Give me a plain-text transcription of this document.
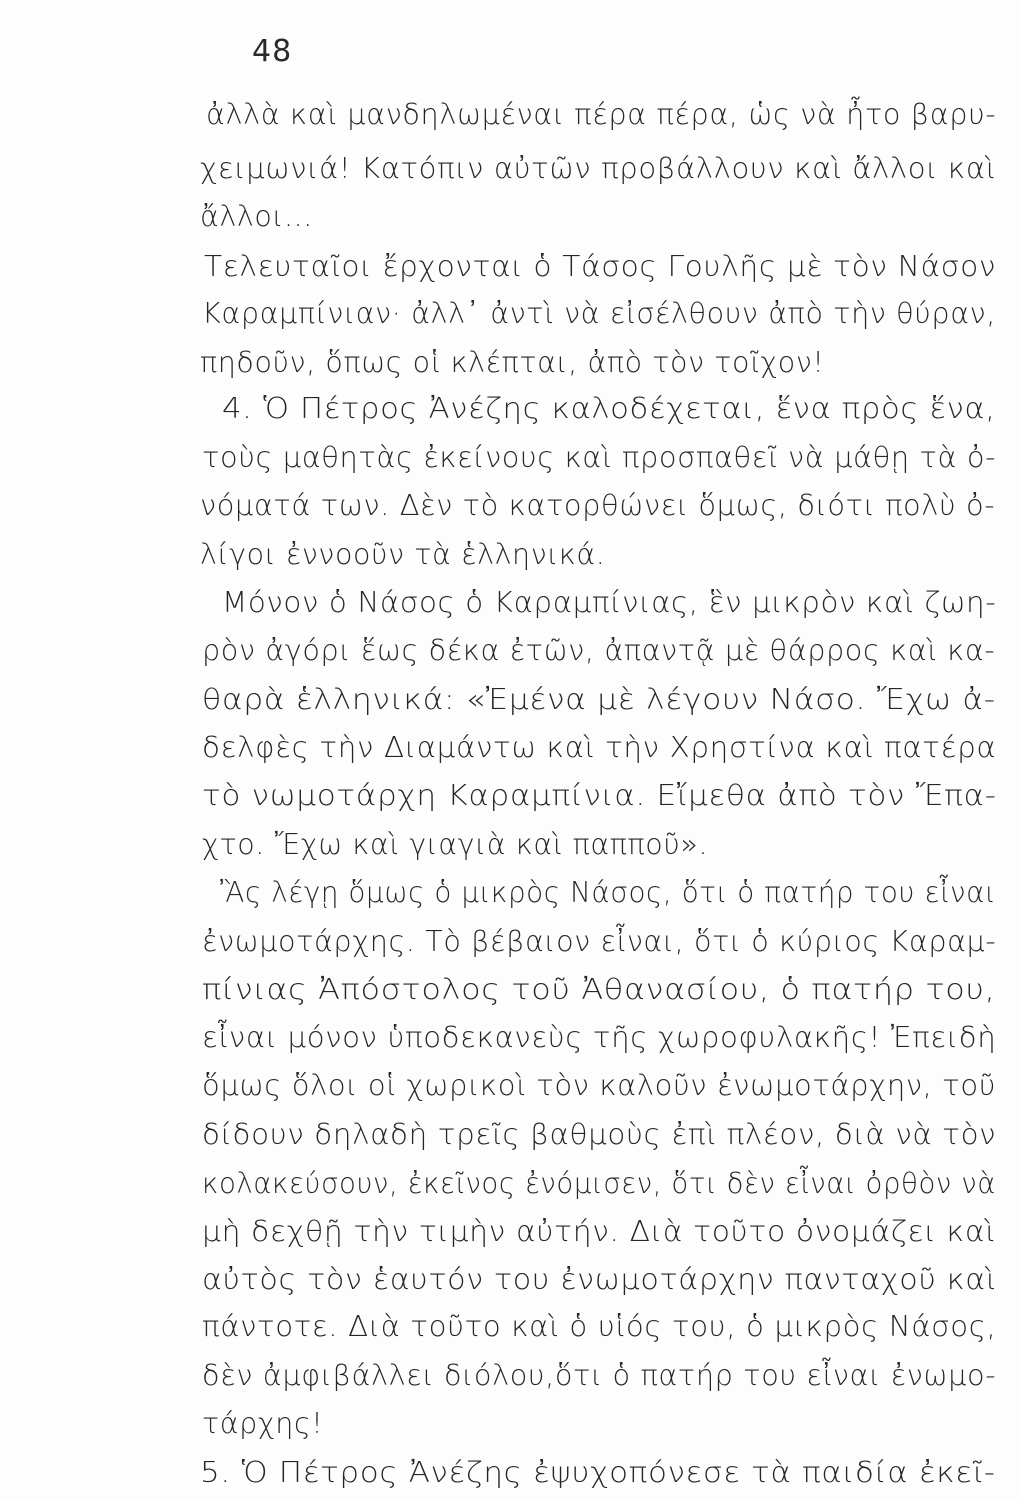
48
ἀλλὰ καὶ μανδηλωμέναι πέρα πέρα, ὡς νὰ ἦτο βαρυ-
χειμωνιά! Κατόπιν αὐτῶν προβάλλουν καὶ ἄλλοι καὶ
ἄλλοι...
Τελευταῖοι ἔρχονται ὁ Τάσος Γουλῆς μὲ τὸν Νάσον
Καραμπίνιαν· ἀλλ᾽ ἀντὶ νὰ εἰσέλθουν ἀπὸ τὴν θύραν,
πηδοῦν, ὅπως οἱ κλέπται, ἀπὸ τὸν τοῖχον!
4. Ὁ Πέτρος Ἀνέζης καλοδέχεται, ἕνα πρὸς ἕνα,
τοὺς μαθητὰς ἐκείνους καὶ προσπαθεῖ νὰ μάθῃ τὰ ὀ-
νόματά των. Δὲν τὸ κατορθώνει ὅμως, διότι πολὺ ὀ-
λίγοι ἐννοοῦν τὰ ἑλληνικά.
Μόνον ὁ Νάσος ὁ Καραμπίνιας, ἓν μικρὸν καὶ ζωη-
ρὸν ἀγόρι ἕως δέκα ἐτῶν, ἀπαντᾷ μὲ θάρρος καὶ κα-
θαρὰ ἑλληνικά: «Ἐμένα μὲ λέγουν Νάσο. Ἔχω ἀ-
δελφὲς τὴν Διαμάντω καὶ τὴν Χρηστίνα καὶ πατέρα
τὸ νωμοτάρχη Καραμπίνια. Εἴμεθα ἀπὸ τὸν Ἔπα-
χτο. Ἔχω καὶ γιαγιὰ καὶ παπποῦ».
Ἂς λέγῃ ὅμως ὁ μικρὸς Νάσος, ὅτι ὁ πατήρ του εἶναι
ἐνωμοτάρχης. Τὸ βέβαιον εἶναι, ὅτι ὁ κύριος Καραμ-
πίνιας Ἀπόστολος τοῦ Ἀθανασίου, ὁ πατήρ του,
εἶναι μόνον ὑποδεκανεὺς τῆς χωροφυλακῆς! Ἐπειδὴ
ὅμως ὅλοι οἱ χωρικοὶ τὸν καλοῦν ἐνωμοτάρχην, τοῦ
δίδουν δηλαδὴ τρεῖς βαθμοὺς ἐπὶ πλέον, διὰ νὰ τὸν
κολακεύσουν, ἐκεῖνος ἐνόμισεν, ὅτι δὲν εἶναι ὀρθὸν νὰ
μὴ δεχθῇ τὴν τιμὴν αὐτήν. Διὰ τοῦτο ὀνομάζει καὶ
αὐτὸς τὸν ἑαυτόν του ἐνωμοτάρχην πανταχοῦ καὶ
πάντοτε. Διὰ τοῦτο καὶ ὁ υἱός του, ὁ μικρὸς Νάσος,
δὲν ἀμφιβάλλει διόλου,ὅτι ὁ πατήρ του εἶναι ἐνωμο-
τάρχης!
5. Ὁ Πέτρος Ἀνέζης ἐψυχοπόνεσε τὰ παιδία ἐκεῖ-
